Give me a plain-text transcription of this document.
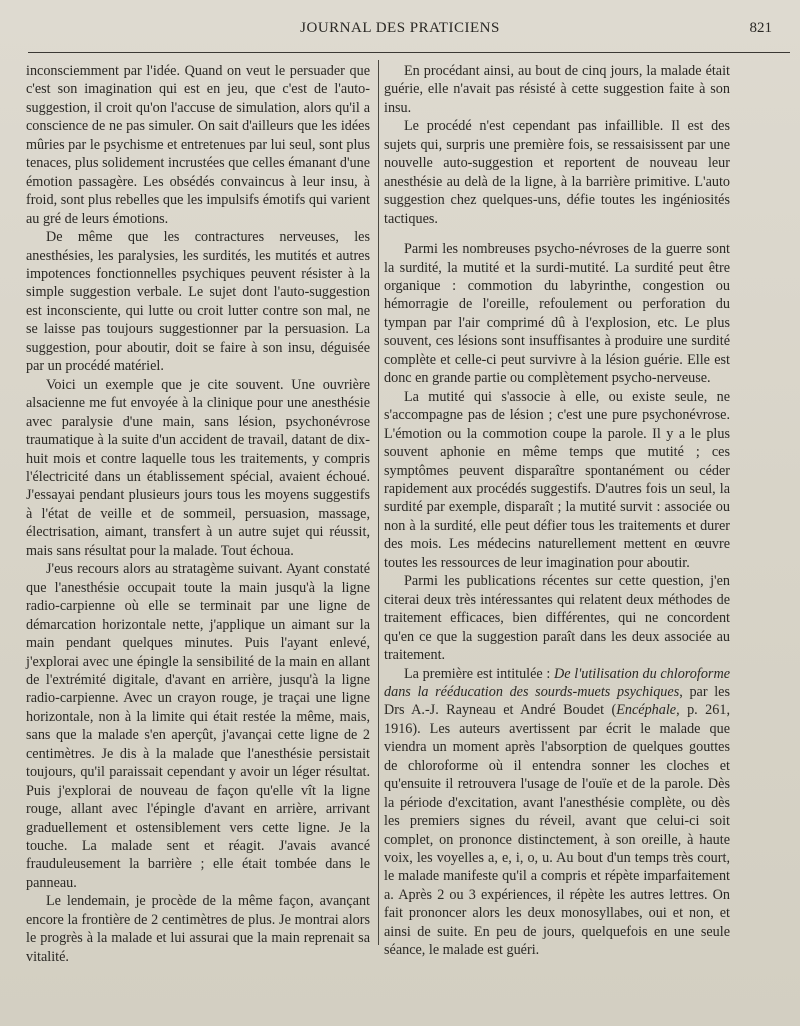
JOURNAL DES PRATICIENS	821

inconsciemment par l'idée. Quand on veut le persuader que c'est son imagination qui est en jeu, que c'est de l'auto-suggestion, il croit qu'on l'accuse de simulation, alors qu'il a conscience de ne pas simuler. On sait d'ailleurs que les idées mûries par le psychisme et entretenues par lui seul, sont plus tenaces, plus solidement incrustées que celles émanant d'une émotion passagère. Les obsédés convaincus à leur insu, à froid, sont plus rebelles que les impulsifs émotifs qui varient au gré de leurs émotions.

De même que les contractures nerveuses, les anesthésies, les paralysies, les surdités, les mutités et autres impotences fonctionnelles psychiques peuvent résister à la simple suggestion verbale. Le sujet dont l'auto-suggestion est inconsciente, qui lutte ou croit lutter contre son mal, ne se laisse pas toujours suggestionner par la persuasion. La suggestion, pour aboutir, doit se faire à son insu, déguisée par un procédé matériel.

Voici un exemple que je cite souvent. Une ouvrière alsacienne me fut envoyée à la clinique pour une anesthésie avec paralysie d'une main, sans lésion, psychonévrose traumatique à la suite d'un accident de travail, datant de dix-huit mois et contre laquelle tous les traitements, y compris l'électricité dans un établissement spécial, avaient échoué. J'essayai pendant plusieurs jours tous les moyens suggestifs à l'état de veille et de sommeil, persuasion, massage, électrisation, aimant, transfert à un autre sujet qui réussit, mais sans résultat pour la malade. Tout échoua.

J'eus recours alors au stratagème suivant. Ayant constaté que l'anesthésie occupait toute la main jusqu'à la ligne radio-carpienne où elle se terminait par une ligne de démarcation horizontale nette, j'applique un aimant sur la main pendant quelques minutes. Puis l'ayant enlevé, j'explorai avec une épingle la sensibilité de la main en allant de l'extrémité digitale, d'avant en arrière, jusqu'à la ligne radio-carpienne. Avec un crayon rouge, je traçai une ligne horizontale, non à la limite qui était restée la même, mais, sans que la malade s'en aperçût, j'avançai cette ligne de 2 centimètres. Je dis à la malade que l'anesthésie persistait toujours, qu'il paraissait cependant y avoir un léger résultat. Puis j'explorai de nouveau de façon qu'elle vît la ligne rouge, allant avec l'épingle d'avant en arrière, arrivant graduellement et ostensiblement vers cette ligne. Je la touche. La malade sent et réagit. J'avais avancé frauduleusement la barrière ; elle était tombée dans le panneau.

Le lendemain, je procède de la même façon, avançant encore la frontière de 2 centimètres de plus. Je montrai alors le progrès à la malade et lui assurai que la main reprenait sa vitalité.

En procédant ainsi, au bout de cinq jours, la malade était guérie, elle n'avait pas résisté à cette suggestion faite à son insu.

Le procédé n'est cependant pas infaillible. Il est des sujets qui, surpris une première fois, se ressaisissent par une nouvelle auto-suggestion et reportent de nouveau leur anesthésie au delà de la ligne, à la barrière primitive. L'auto suggestion chez quelques-uns, défie toutes les ingéniosités tactiques.

Parmi les nombreuses psycho-névroses de la guerre sont la surdité, la mutité et la surdi-mutité. La surdité peut être organique : commotion du labyrinthe, congestion ou hémorragie de l'oreille, refoulement ou perforation du tympan par l'air comprimé dû à l'explosion, etc. Le plus souvent, ces lésions sont insuffisantes à produire une surdité complète et celle-ci peut survivre à la lésion guérie. Elle est donc en grande partie ou complètement psycho-nerveuse.

La mutité qui s'associe à elle, ou existe seule, ne s'accompagne pas de lésion ; c'est une pure psychonévrose. L'émotion ou la commotion coupe la parole. Il y a le plus souvent aphonie en même temps que mutité ; ces symptômes peuvent disparaître spontanément ou céder rapidement aux procédés suggestifs. D'autres fois un seul, la surdité par exemple, disparaît ; la mutité survit : associée ou non à la surdité, elle peut défier tous les traitements et durer des mois. Les médecins naturellement mettent en œuvre toutes les ressources de leur imagination pour aboutir.

Parmi les publications récentes sur cette question, j'en citerai deux très intéressantes qui relatent deux méthodes de traitement efficaces, bien différentes, qui ne concordent qu'en ce que la suggestion paraît dans les deux associée au traitement.

La première est intitulée : De l'utilisation du chloroforme dans la rééducation des sourds-muets psychiques, par les Drs A.-J. Rayneau et André Boudet (Encéphale, p. 261, 1916). Les auteurs avertissent par écrit le malade que viendra un moment après l'absorption de quelques gouttes de chloroforme où il entendra sonner les cloches et qu'ensuite il retrouvera l'usage de l'ouïe et de la parole. Dès la période d'excitation, avant l'anesthésie complète, ou dès les premiers signes du réveil, avant que celui-ci soit complet, on prononce distinctement, à son oreille, à haute voix, les voyelles a, e, i, o, u. Au bout d'un temps très court, le malade manifeste qu'il a compris et répète imparfaitement a. Après 2 ou 3 expériences, il répète les autres lettres. On fait prononcer alors les deux monosyllabes, oui et non, et ainsi de suite. En peu de jours, quelquefois en une seule séance, le malade est guéri.
